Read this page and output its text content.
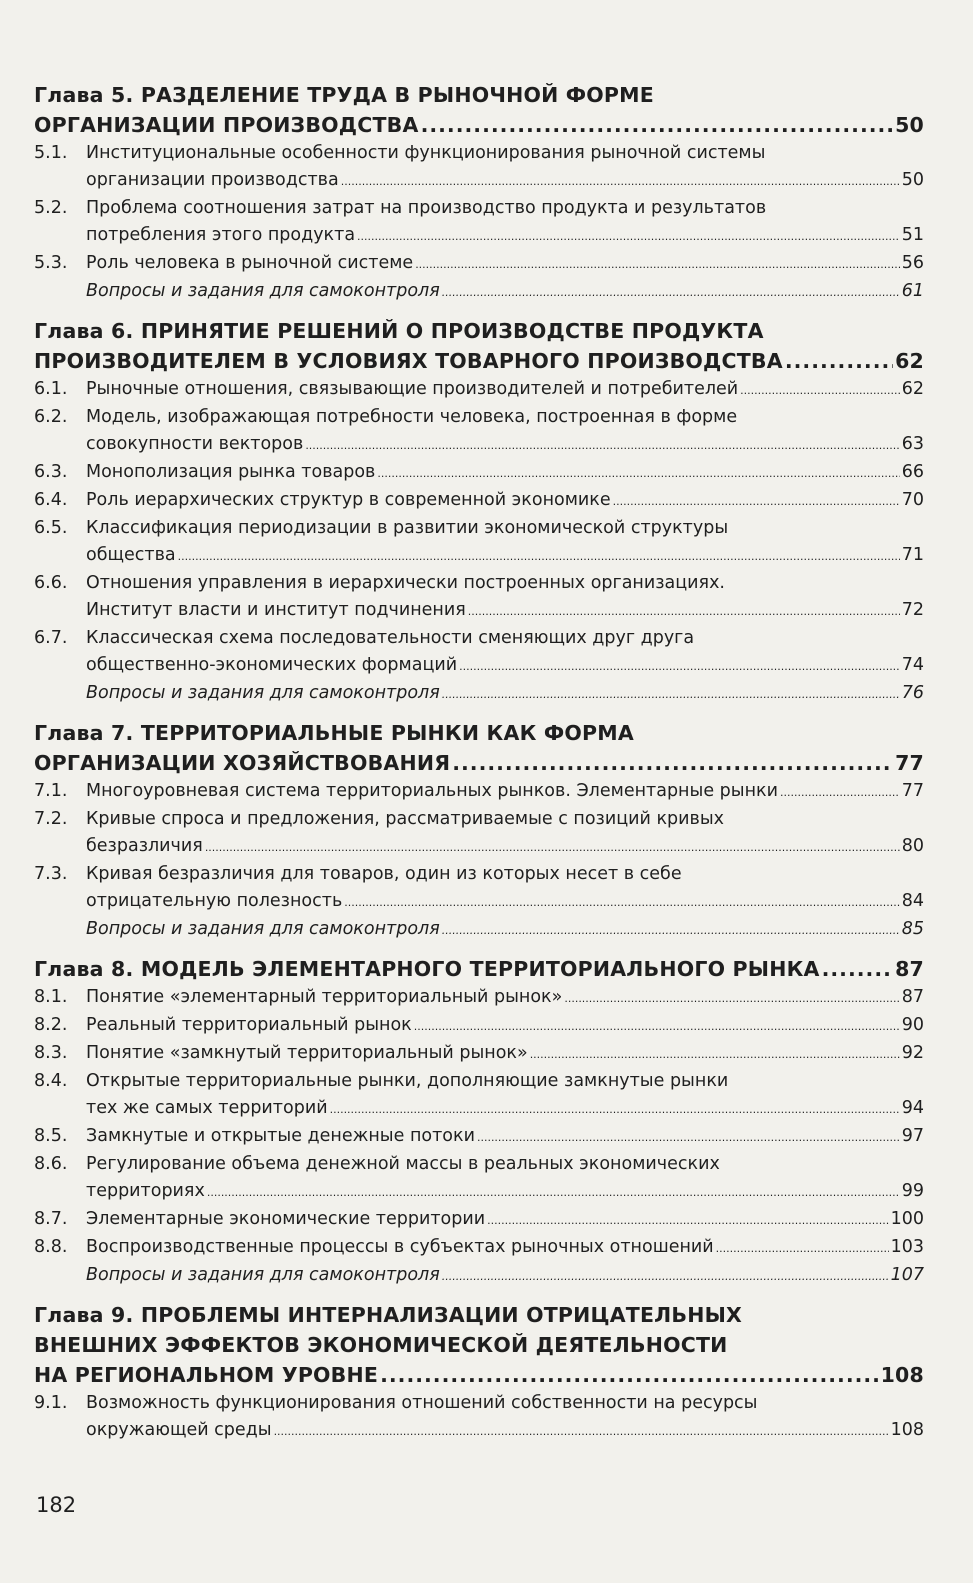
Глава 5. РАЗДЕЛЕНИЕ ТРУДА В РЫНОЧНОЙ ФОРМЕ
ОРГАНИЗАЦИИ ПРОИЗВОДСТВА .....	50
5.1.	Институциональные особенности функционирования рыночной системы
организации производства .....	50
5.2.	Проблема соотношения затрат на производство продукта и результатов
потребления этого продукта .....	51
5.3.	Роль человека в рыночной системе .....	56
Вопросы и задания для самоконтроля .....	61
Глава 6. ПРИНЯТИЕ РЕШЕНИЙ О ПРОИЗВОДСТВЕ ПРОДУКТА
ПРОИЗВОДИТЕЛЕМ В УСЛОВИЯХ ТОВАРНОГО ПРОИЗВОДСТВА .....	62
6.1.	Рыночные отношения, связывающие производителей и потребителей .....	62
6.2.	Модель, изображающая потребности человека, построенная в форме
совокупности векторов .....	63
6.3.	Монополизация рынка товаров .....	66
6.4.	Роль иерархических структур в современной экономике .....	70
6.5.	Классификация периодизации в развитии экономической структуры
общества .....	71
6.6.	Отношения управления в иерархически построенных организациях.
Институт власти и институт подчинения .....	72
6.7.	Классическая схема последовательности сменяющих друг друга
общественно-экономических формаций .....	74
Вопросы и задания для самоконтроля .....	76
Глава 7. ТЕРРИТОРИАЛЬНЫЕ РЫНКИ КАК ФОРМА
ОРГАНИЗАЦИИ ХОЗЯЙСТВОВАНИЯ .....	77
7.1.	Многоуровневая система территориальных рынков. Элементарные рынки .....	77
7.2.	Кривые спроса и предложения, рассматриваемые с позиций кривых
безразличия .....	80
7.3.	Кривая безразличия для товаров, один из которых несет в себе
отрицательную полезность .....	84
Вопросы и задания для самоконтроля .....	85
Глава 8. МОДЕЛЬ ЭЛЕМЕНТАРНОГО ТЕРРИТОРИАЛЬНОГО РЫНКА .....	87
8.1.	Понятие «элементарный территориальный рынок» .....	87
8.2.	Реальный территориальный рынок .....	90
8.3.	Понятие «замкнутый территориальный рынок» .....	92
8.4.	Открытые территориальные рынки, дополняющие замкнутые рынки
тех же самых территорий .....	94
8.5.	Замкнутые и открытые денежные потоки .....	97
8.6.	Регулирование объема денежной массы в реальных экономических
территориях .....	99
8.7.	Элементарные экономические территории .....	100
8.8.	Воспроизводственные процессы в субъектах рыночных отношений .....	103
Вопросы и задания для самоконтроля .....	107
Глава 9. ПРОБЛЕМЫ ИНТЕРНАЛИЗАЦИИ ОТРИЦАТЕЛЬНЫХ
ВНЕШНИХ ЭФФЕКТОВ ЭКОНОМИЧЕСКОЙ ДЕЯТЕЛЬНОСТИ
НА РЕГИОНАЛЬНОМ УРОВНЕ .....	108
9.1.	Возможность функционирования отношений собственности на ресурсы
окружающей среды .....	108
182
